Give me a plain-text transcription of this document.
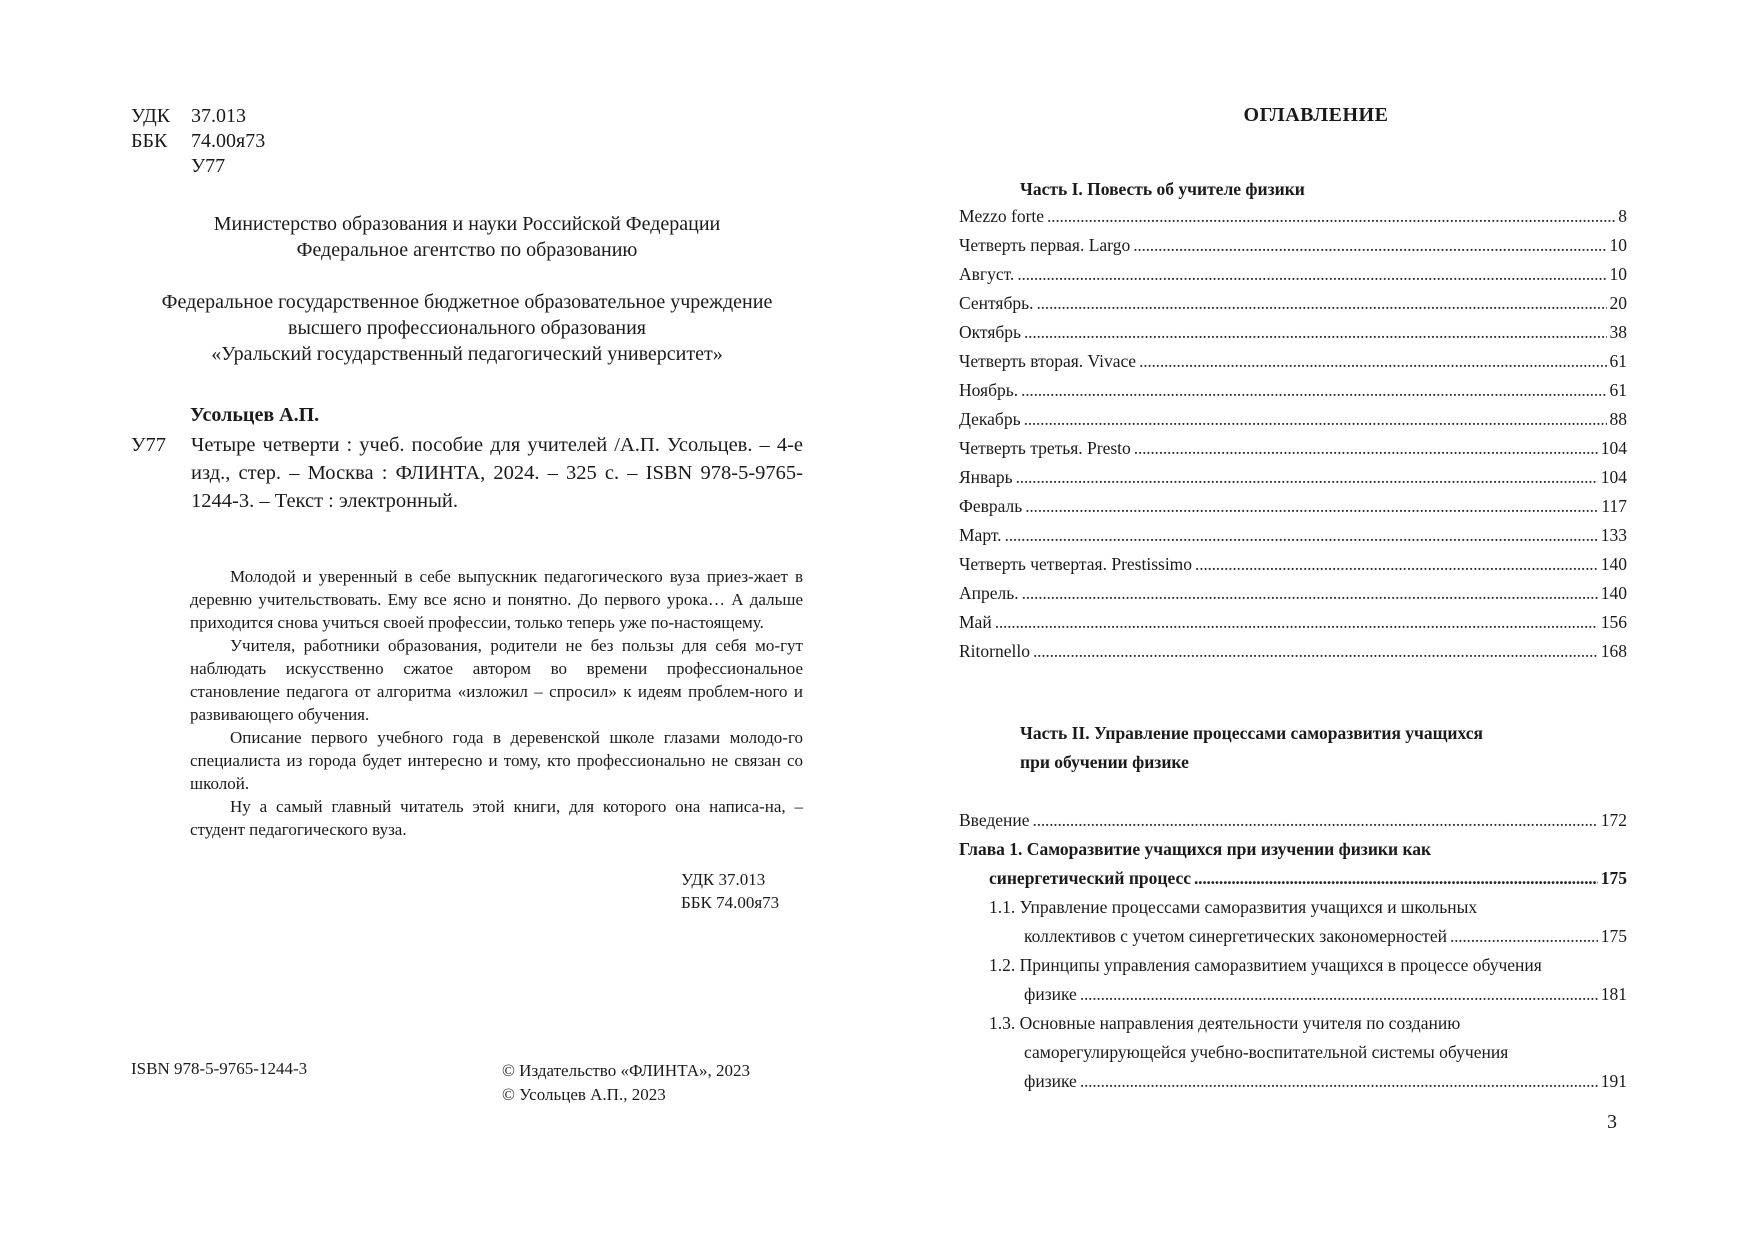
УДК	37.013
ББК	74.00я73
У77
Министерство образования и науки Российской Федерации
Федеральное агентство по образованию
Федеральное государственное бюджетное образовательное учреждение
высшего профессионального образования
«Уральский государственный педагогический университет»
Усольцев А.П.
У77 Четыре четверти : учеб. пособие для учителей /А.П. Усольцев. – 4-е изд., стер. – Москва : ФЛИНТА, 2024. – 325 с. – ISBN 978-5-9765-1244-3. – Текст : электронный.

Молодой и уверенный в себе выпускник педагогического вуза приез-жает в деревню учительствовать. Ему все ясно и понятно. До первого урока… А дальше приходится снова учиться своей профессии, только теперь уже по-настоящему.

Учителя, работники образования, родители не без пользы для себя мо-гут наблюдать искусственно сжатое автором во времени профессиональное становление педагога от алгоритма «изложил – спросил» к идеям проблем-ного и развивающего обучения.

Описание первого учебного года в деревенской школе глазами молодо-го специалиста из города будет интересно и тому, кто профессионально не связан со школой.

Ну а самый главный читатель этой книги, для которого она написа-на, – студент педагогического вуза.

УДК 37.013
ББК 74.00я73
ISBN 978-5-9765-1244-3	© Издательство «ФЛИНТА», 2023
© Усольцев А.П., 2023
ОГЛАВЛЕНИЕ
Часть I. Повесть об учителе физики
Mezzo forte . . .	8
Четверть первая. Largo . . .	10
Август. . . .	10
Сентябрь. . . .	20
Октябрь . . .	38
Четверть вторая. Vivace . . .	61
Ноябрь. . . .	61
Декабрь . . .	88
Четверть третья. Presto . . .	104
Январь . . .	104
Февраль . . .	117
Март. . . .	133
Четверть четвертая. Prestissimo . . .	140
Апрель. . . .	140
Май . . .	156
Ritornello . . .	168
Часть II. Управление процессами саморазвития учащихся
при обучении физике
Введение . . .	172
Глава 1. Саморазвитие учащихся при изучении физики как
синергетический процесс . . .	175
1.1. Управление процессами саморазвития учащихся и школьных
коллективов с учетом синергетических закономерностей . . .	175
1.2. Принципы управления саморазвитием учащихся в процессе обучения
физике . . .	181
1.3. Основные направления деятельности учителя по созданию
саморегулирующейся учебно-воспитательной системы обучения
физике . . .	191
3
